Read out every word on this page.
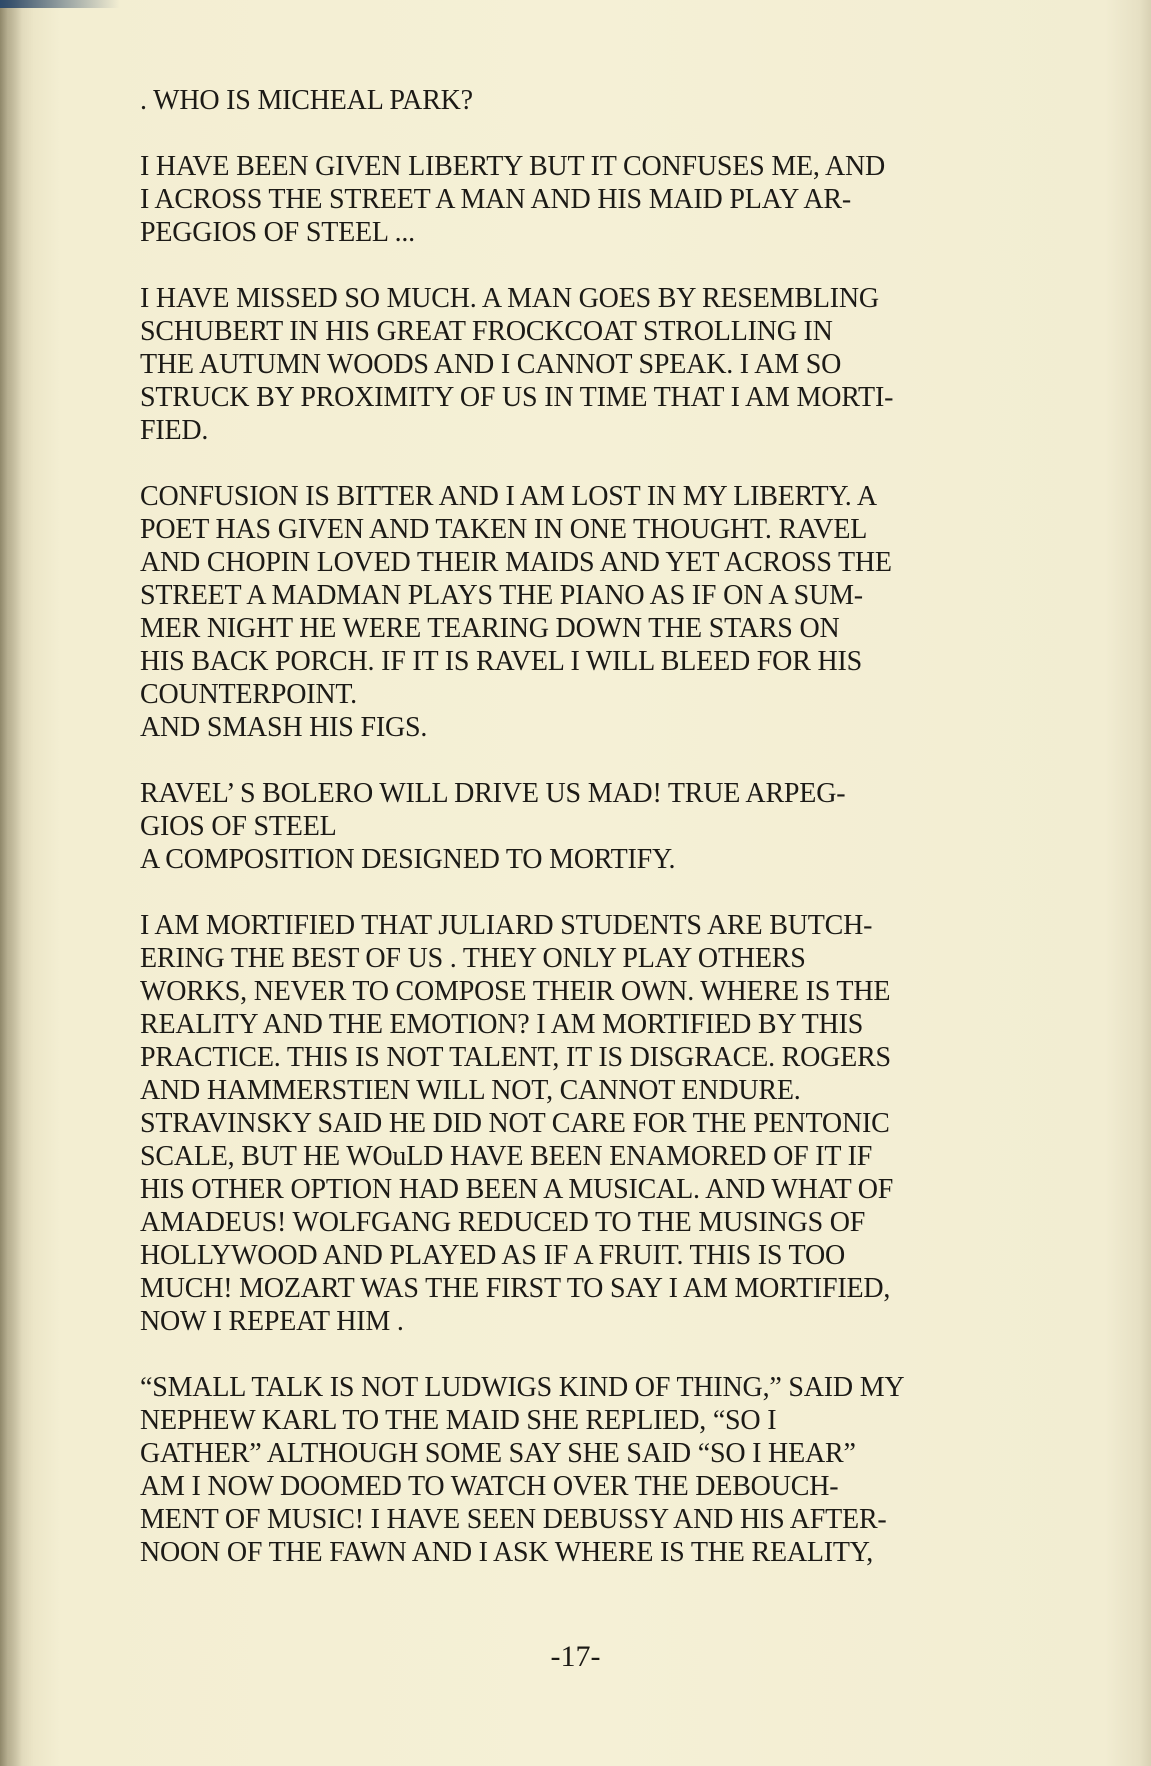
. WHO IS MICHEAL PARK?

I HAVE BEEN GIVEN LIBERTY BUT IT CONFUSES ME, AND
I ACROSS THE STREET A MAN AND HIS MAID PLAY AR-
PEGGIOS OF STEEL ...

I HAVE MISSED SO MUCH. A MAN GOES BY RESEMBLING
SCHUBERT IN HIS GREAT FROCKCOAT STROLLING IN
THE AUTUMN WOODS AND I CANNOT SPEAK. I AM SO
STRUCK BY PROXIMITY OF US IN TIME THAT I AM MORTI-
FIED.

CONFUSION IS BITTER AND I AM LOST IN MY LIBERTY. A
POET HAS GIVEN AND TAKEN IN ONE THOUGHT. RAVEL
AND CHOPIN LOVED THEIR MAIDS AND YET ACROSS THE
STREET A MADMAN PLAYS THE PIANO AS IF ON A SUM-
MER NIGHT HE WERE TEARING DOWN THE STARS ON
HIS BACK PORCH. IF IT IS RAVEL I WILL BLEED FOR HIS
COUNTERPOINT.
AND SMASH HIS FIGS.

RAVEL’ S BOLERO WILL DRIVE US MAD! TRUE ARPEG-
GIOS OF STEEL
A COMPOSITION DESIGNED TO MORTIFY.

I AM MORTIFIED THAT JULIARD STUDENTS ARE BUTCH-
ERING THE BEST OF US . THEY ONLY PLAY OTHERS
WORKS, NEVER TO COMPOSE THEIR OWN. WHERE IS THE
REALITY AND THE EMOTION? I AM MORTIFIED BY THIS
PRACTICE. THIS IS NOT TALENT, IT IS DISGRACE. ROGERS
AND HAMMERSTIEN WILL NOT, CANNOT ENDURE.
STRAVINSKY SAID HE DID NOT CARE FOR THE PENTONIC
SCALE, BUT HE WOuLD HAVE BEEN ENAMORED OF IT IF
HIS OTHER OPTION HAD BEEN A MUSICAL. AND WHAT OF
AMADEUS! WOLFGANG REDUCED TO THE MUSINGS OF
HOLLYWOOD AND PLAYED AS IF A FRUIT. THIS IS TOO
MUCH! MOZART WAS THE FIRST TO SAY I AM MORTIFIED,
NOW I REPEAT HIM .

“SMALL TALK IS NOT LUDWIGS KIND OF THING,” SAID MY
NEPHEW KARL TO THE MAID SHE REPLIED, “SO I
GATHER” ALTHOUGH SOME SAY SHE SAID “SO I HEAR”
AM I NOW DOOMED TO WATCH OVER THE DEBOUCH-
MENT OF MUSIC! I HAVE SEEN DEBUSSY AND HIS AFTER-
NOON OF THE FAWN AND I ASK WHERE IS THE REALITY,

-17-
